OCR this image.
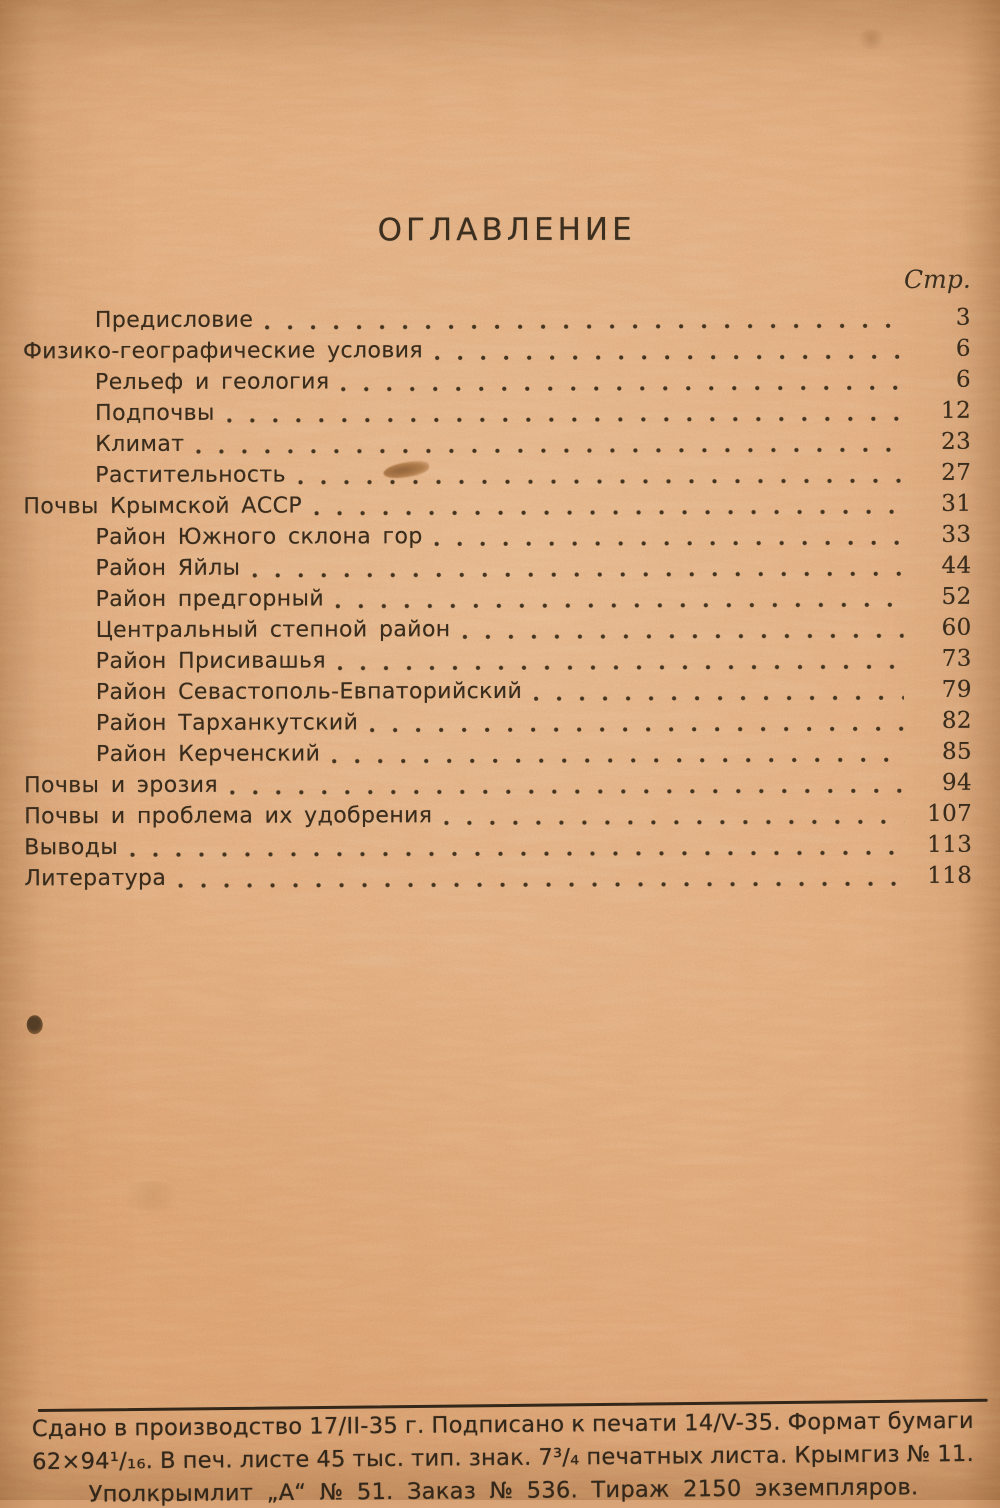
ОГЛАВЛЕНИЕ
Стр.
Предисловие	3
Физико-географические условия	6
Рельеф и геология	6
Подпочвы	12
Климат	23
Растительность	27
Почвы Крымской АССР	31
Район Южного склона гор	33
Район Яйлы	44
Район предгорный	52
Центральный степной район	60
Район Присивашья	73
Район Севастополь-Евпаторийский	79
Район Тарханкутский	82
Район Керченский	85
Почвы и эрозия	94
Почвы и проблема их удобрения	107
Выводы	113
Литература	118
Сдано в производство 17/II-35 г. Подписано к печати 14/V-35. Формат бумаги
62×94¹/₁₆. В печ. листе 45 тыс. тип. знак. 7³/₄ печатных листа. Крымгиз № 11.
Уполкрымлит „А“ № 51. Заказ № 536. Тираж 2150 экземпляров.
